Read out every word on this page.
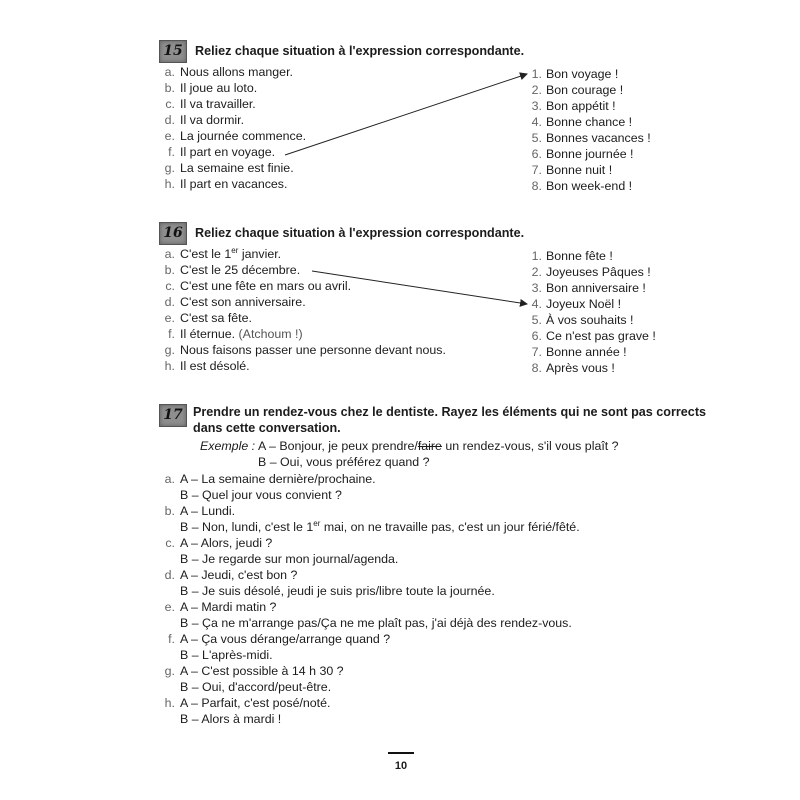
15 Reliez chaque situation à l'expression correspondante.
a. Nous allons manger.
b. Il joue au loto.
c. Il va travailler.
d. Il va dormir.
e. La journée commence.
f. Il part en voyage.
g. La semaine est finie.
h. Il part en vacances.
1. Bon voyage !
2. Bon courage !
3. Bon appétit !
4. Bonne chance !
5. Bonnes vacances !
6. Bonne journée !
7. Bonne nuit !
8. Bon week-end !
16 Reliez chaque situation à l'expression correspondante.
a. C'est le 1er janvier.
b. C'est le 25 décembre.
c. C'est une fête en mars ou avril.
d. C'est son anniversaire.
e. C'est sa fête.
f. Il éternue. (Atchoum !)
g. Nous faisons passer une personne devant nous.
h. Il est désolé.
1. Bonne fête !
2. Joyeuses Pâques !
3. Bon anniversaire !
4. Joyeux Noël !
5. À vos souhaits !
6. Ce n'est pas grave !
7. Bonne année !
8. Après vous !
17 Prendre un rendez-vous chez le dentiste. Rayez les éléments qui ne sont pas corrects
dans cette conversation.
Exemple : A – Bonjour, je peux prendre/faire un rendez-vous, s'il vous plaît ?
B – Oui, vous préférez quand ?
a. A – La semaine dernière/prochaine.
B – Quel jour vous convient ?
b. A – Lundi.
B – Non, lundi, c'est le 1er mai, on ne travaille pas, c'est un jour férié/fêté.
c. A – Alors, jeudi ?
B – Je regarde sur mon journal/agenda.
d. A – Jeudi, c'est bon ?
B – Je suis désolé, jeudi je suis pris/libre toute la journée.
e. A – Mardi matin ?
B – Ça ne m'arrange pas/Ça ne me plaît pas, j'ai déjà des rendez-vous.
f. A – Ça vous dérange/arrange quand ?
B – L'après-midi.
g. A – C'est possible à 14 h 30 ?
B – Oui, d'accord/peut-être.
h. A – Parfait, c'est posé/noté.
B – Alors à mardi !
10
